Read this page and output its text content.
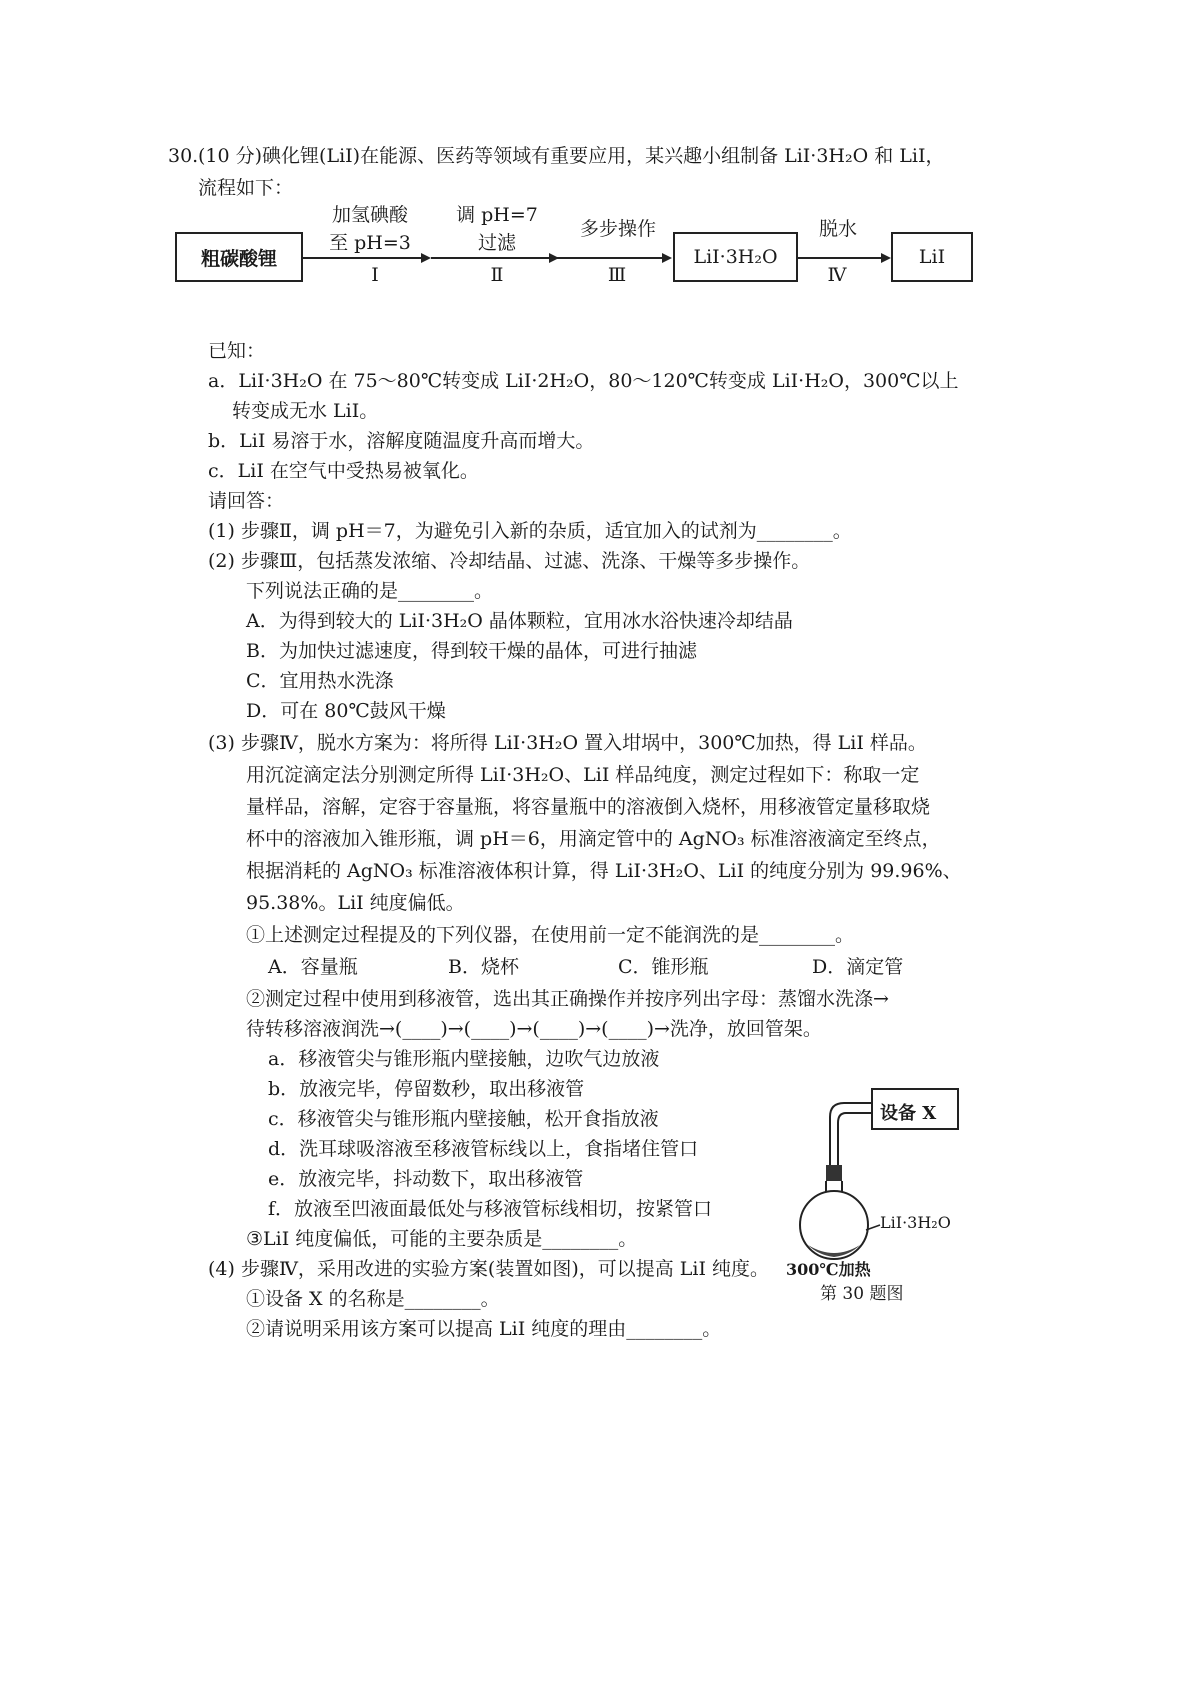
30. (10 分)碘化锂(LiI)在能源、医药等领域有重要应用，某兴趣小组制备 LiI·3H₂O 和 LiI，
流程如下：
粗碳酸锂
加氢碘酸
至 pH=3
Ⅰ
调 pH=7
过滤
Ⅱ
多步操作
Ⅲ
LiI·3H₂O
脱水
Ⅳ
LiI
已知：
a．LiI·3H₂O 在 75～80℃转变成 LiI·2H₂O，80～120℃转变成 LiI·H₂O，300℃以上
转变成无水 LiI。
b．LiI 易溶于水，溶解度随温度升高而增大。
c．LiI 在空气中受热易被氧化。
请回答：
(1) 步骤Ⅱ，调 pH＝7，为避免引入新的杂质，适宜加入的试剂为________。
(2) 步骤Ⅲ，包括蒸发浓缩、冷却结晶、过滤、洗涤、干燥等多步操作。
下列说法正确的是________。
A．为得到较大的 LiI·3H₂O 晶体颗粒，宜用冰水浴快速冷却结晶
B．为加快过滤速度，得到较干燥的晶体，可进行抽滤
C．宜用热水洗涤
D．可在 80℃鼓风干燥
(3) 步骤Ⅳ，脱水方案为：将所得 LiI·3H₂O 置入坩埚中，300℃加热，得 LiI 样品。
用沉淀滴定法分别测定所得 LiI·3H₂O、LiI 样品纯度，测定过程如下：称取一定
量样品，溶解，定容于容量瓶，将容量瓶中的溶液倒入烧杯，用移液管定量移取烧
杯中的溶液加入锥形瓶，调 pH＝6，用滴定管中的 AgNO₃ 标准溶液滴定至终点，
根据消耗的 AgNO₃ 标准溶液体积计算，得 LiI·3H₂O、LiI 的纯度分别为 99.96%、
95.38%。LiI 纯度偏低。
①上述测定过程提及的下列仪器，在使用前一定不能润洗的是________。
A．容量瓶	B．烧杯	C．锥形瓶	D．滴定管
②测定过程中使用到移液管，选出其正确操作并按序列出字母：蒸馏水洗涤→
待转移溶液润洗→(____)→(____)→(____)→(____)→洗净，放回管架。
a．移液管尖与锥形瓶内壁接触，边吹气边放液
b．放液完毕，停留数秒，取出移液管
c．移液管尖与锥形瓶内壁接触，松开食指放液
d．洗耳球吸溶液至移液管标线以上，食指堵住管口
e．放液完毕，抖动数下，取出移液管
f．放液至凹液面最低处与移液管标线相切，按紧管口
③LiI 纯度偏低，可能的主要杂质是________。
(4) 步骤Ⅳ，采用改进的实验方案(装置如图)，可以提高 LiI 纯度。
①设备 X 的名称是________。
②请说明采用该方案可以提高 LiI 纯度的理由________。
设备 X
LiI·3H₂O
300℃加热
第 30 题图
